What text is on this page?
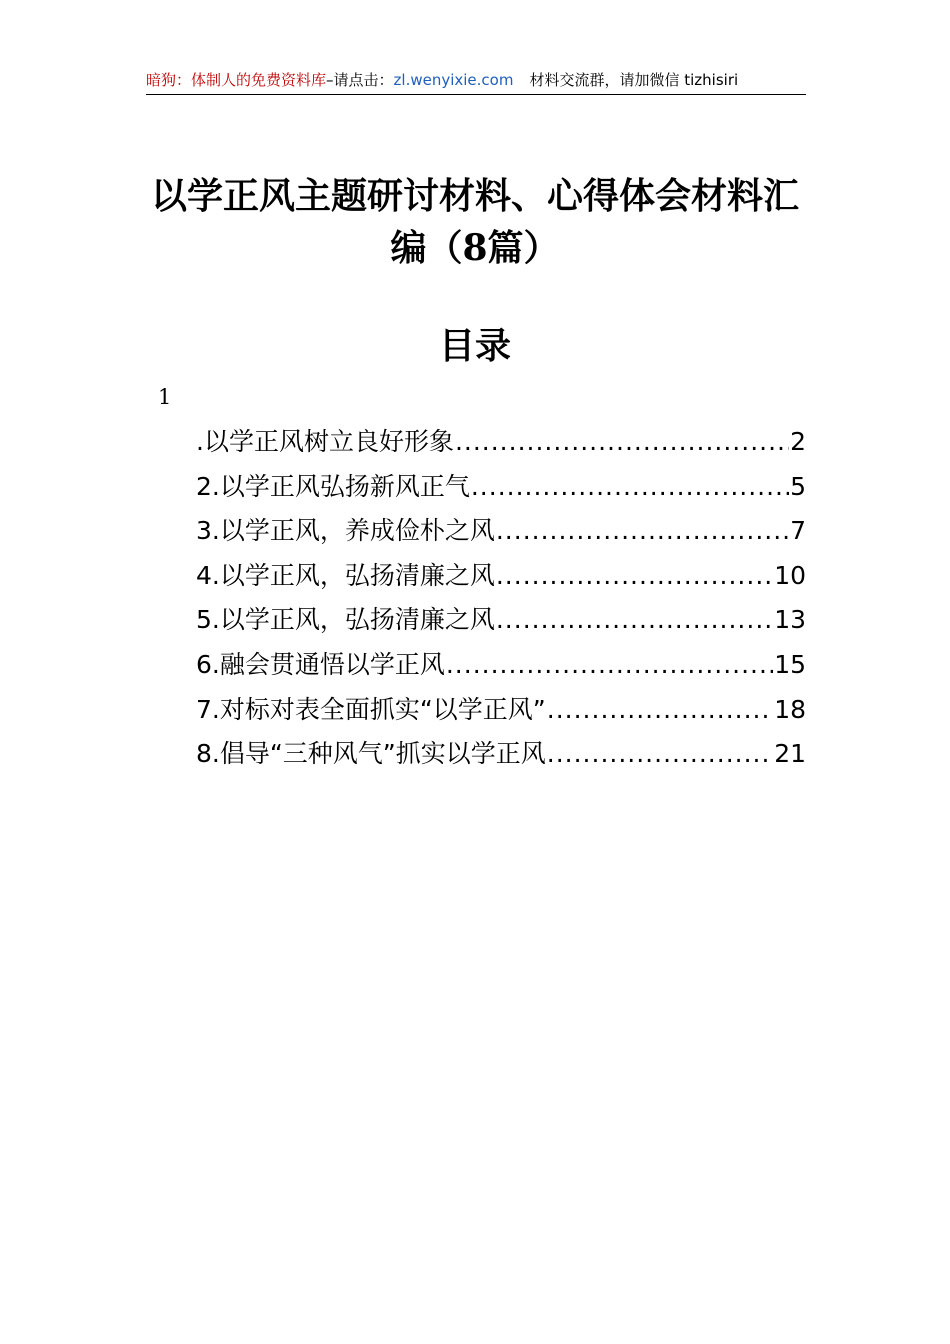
暗狗：体制人的免费资料库–请点击：zl.wenyixie.com 材料交流群，请加微信 tizhisiri
以学正风主题研讨材料、心得体会材料汇
编（8篇）
目录
1
.以学正风树立良好形象 .....	2
2.以学正风弘扬新风正气 .....	5
3.以学正风，养成俭朴之风 .....	7
4.以学正风，弘扬清廉之风 .....	10
5.以学正风，弘扬清廉之风 .....	13
6.融会贯通悟以学正风 .....	15
7.对标对表全面抓实“以学正风” .....	18
8.倡导“三种风气”抓实以学正风 .....	21
